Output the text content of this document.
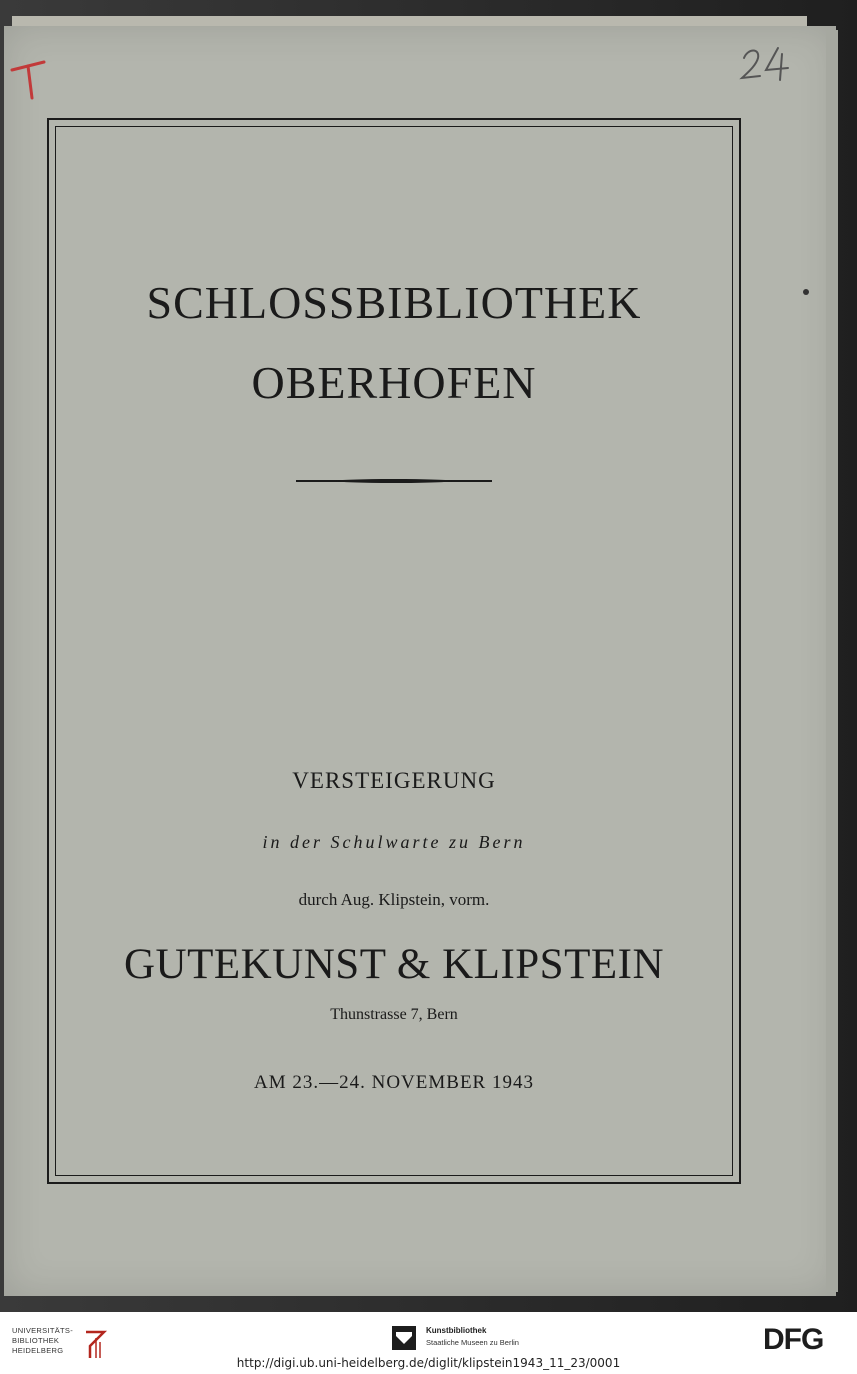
SCHLOSSBIBLIOTHEK
OBERHOFEN
VERSTEIGERUNG
in der Schulwarte zu Bern
durch Aug. Klipstein, vorm.
GUTEKUNST & KLIPSTEIN
Thunstrasse 7, Bern
AM 23.—24. NOVEMBER 1943
UNIVERSITÄTS-
BIBLIOTHEK
HEIDELBERG
Kunstbibliothek
Staatliche Museen zu Berlin	DFG
http://digi.ub.uni-heidelberg.de/diglit/klipstein1943_11_23/0001
